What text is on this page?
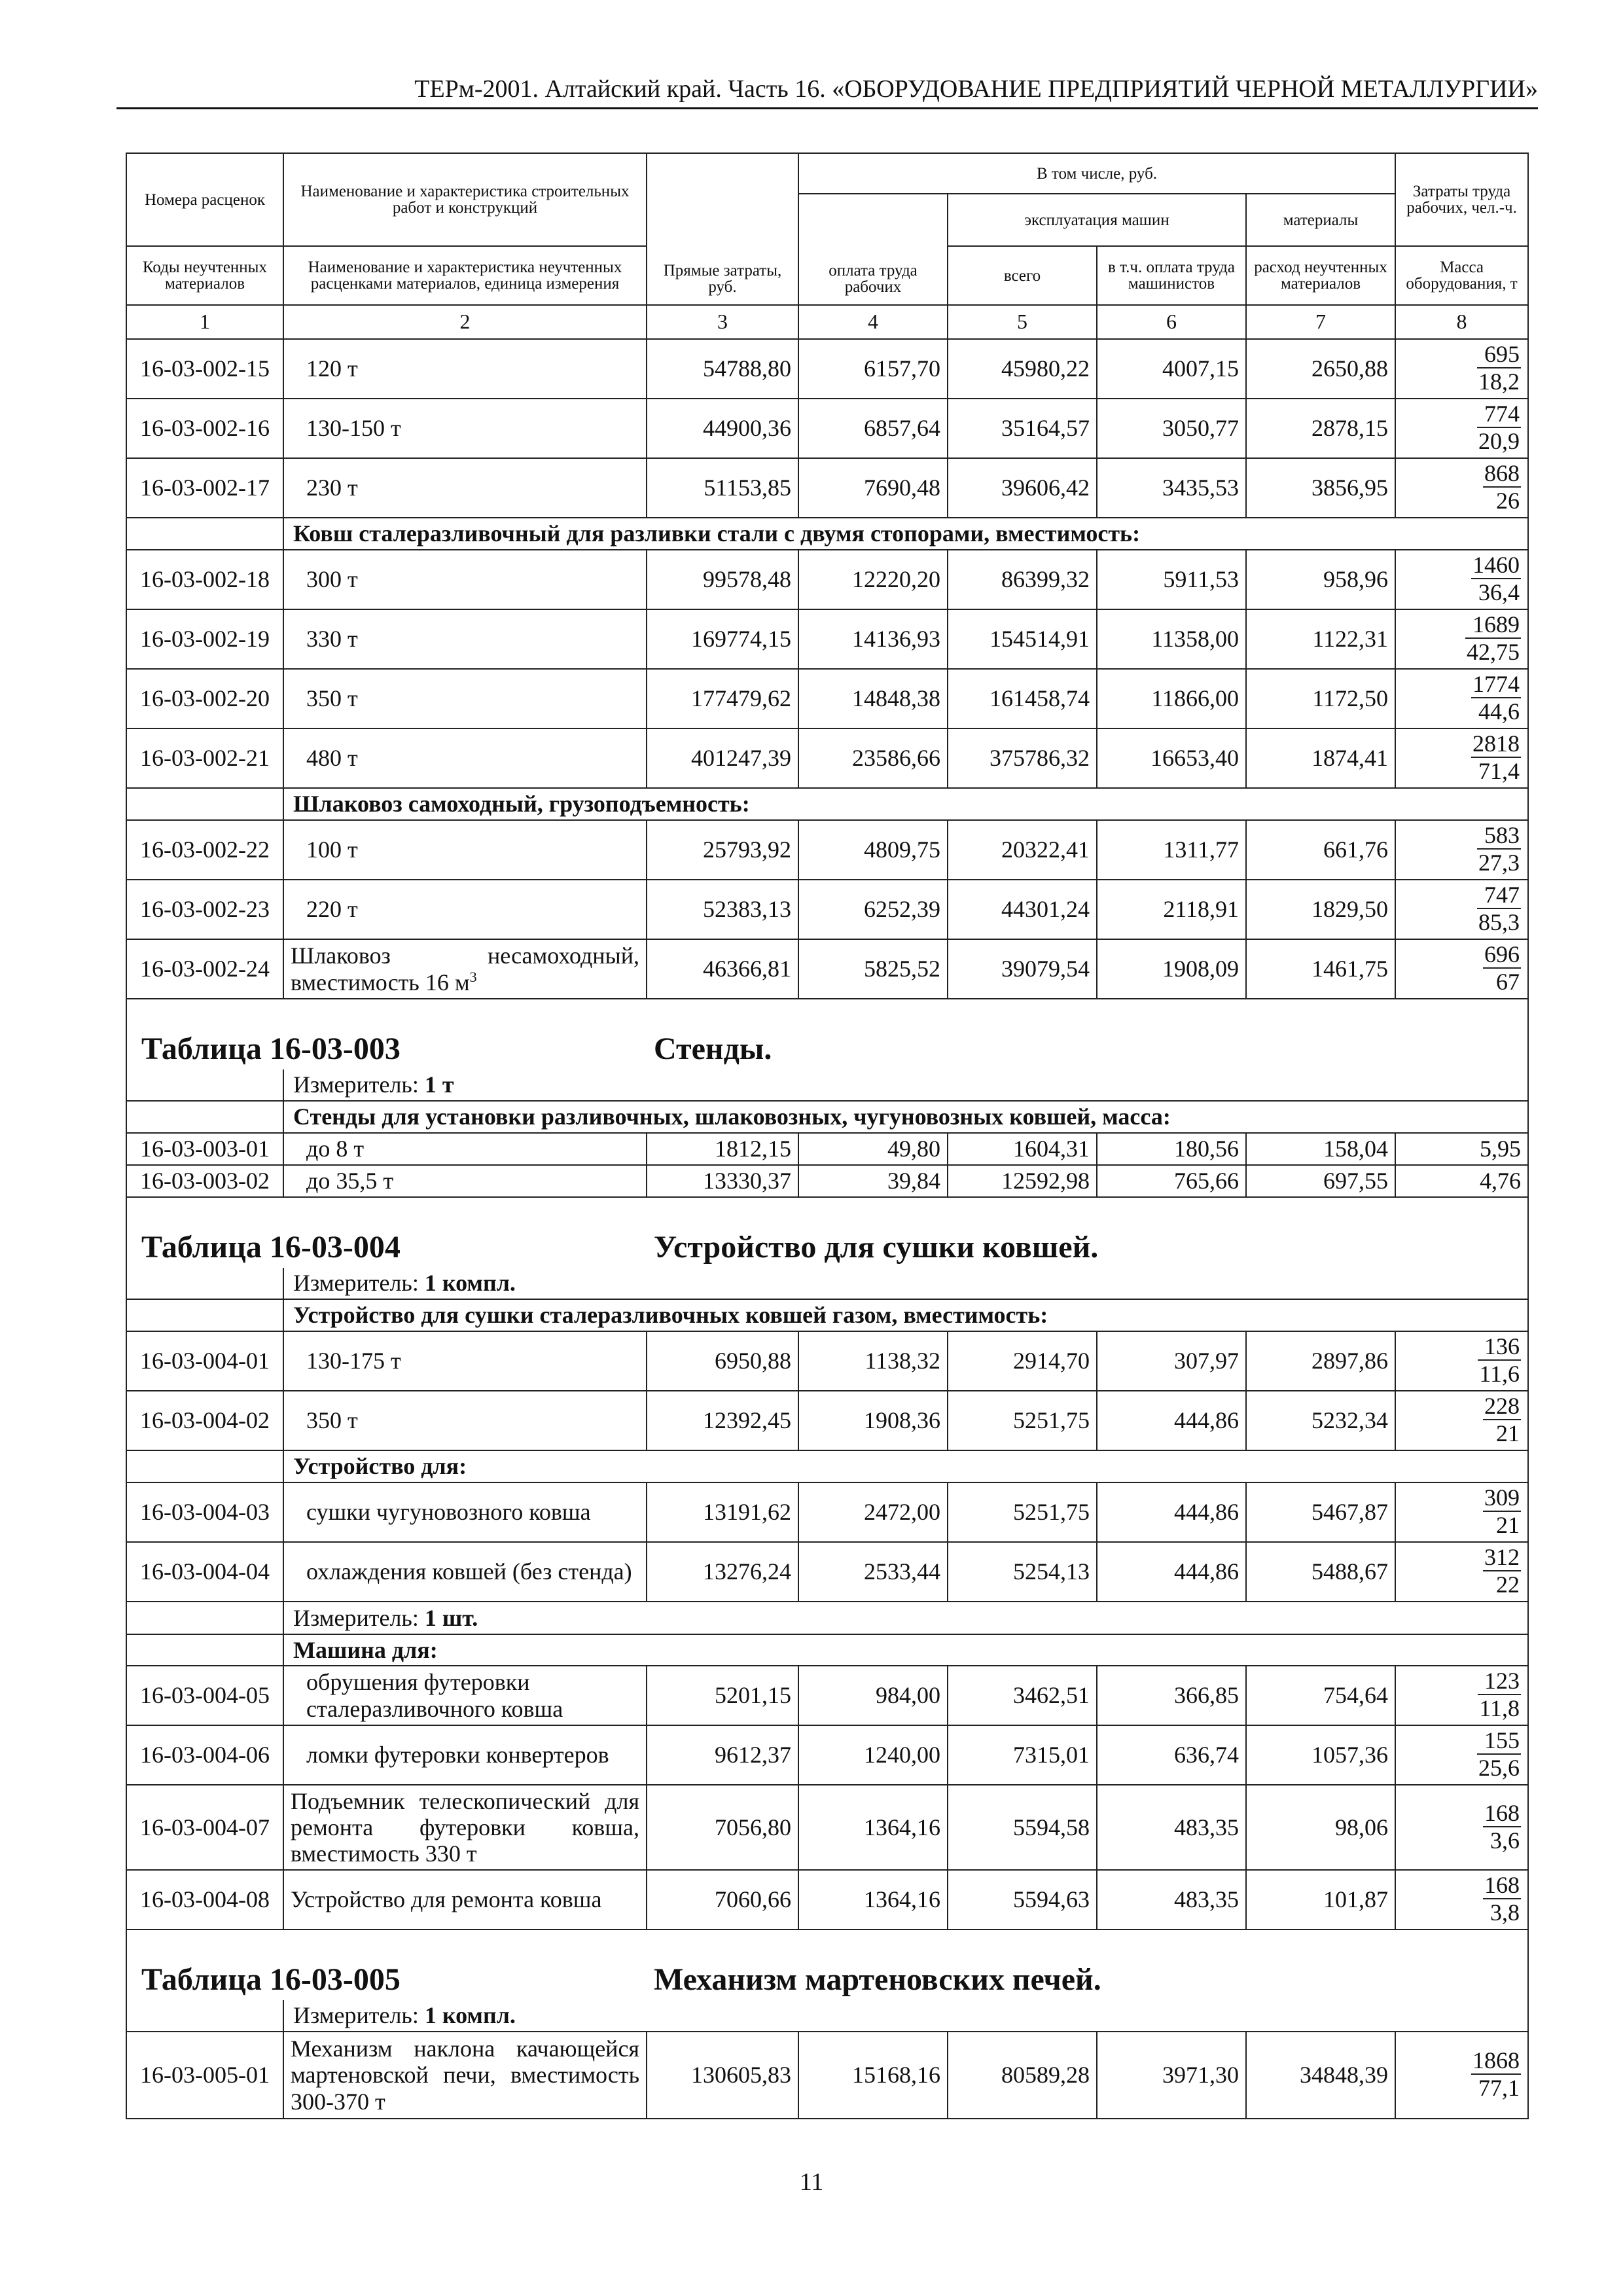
ТЕРм-2001. Алтайский край. Часть 16. «ОБОРУДОВАНИЕ ПРЕДПРИЯТИЙ ЧЕРНОЙ МЕТАЛЛУРГИИ»
Номера расценок	Наименование и характеристика строительных работ и конструкций	Прямые затраты, руб.	В том числе, руб.				Затраты труда рабочих, чел.-ч.
			оплата труда рабочих	эксплуатация машин		материалы	
Коды неучтенных материалов	Наименование и характеристика неучтенных расценками материалов, единица измерения			всего	в т.ч. оплата труда машинистов	расход неучтенных материалов	Масса оборудования, т
1	2	3	4	5	6	7	8
16-03-002-15	120 т	54788,80	6157,70	45980,22	4007,15	2650,88	$\frac{695}{18,2}$

16-03-002-16	130-150 т	44900,36	6857,64	35164,57	3050,77	2878,15	$\frac{774}{20,9}$

16-03-002-17	230 т	51153,85	7690,48	39606,42	3435,53	3856,95	$\frac{868}{26}$

	Ковш сталеразливочный для разливки стали с двумя стопорами, вместимость:						
16-03-002-18	300 т	99578,48	12220,20	86399,32	5911,53	958,96	$\frac{1460}{36,4}$

16-03-002-19	330 т	169774,15	14136,93	154514,91	11358,00	1122,31	$\frac{1689}{42,75}$

16-03-002-20	350 т	177479,62	14848,38	161458,74	11866,00	1172,50	$\frac{1774}{44,6}$

16-03-002-21	480 т	401247,39	23586,66	375786,32	16653,40	1874,41	$\frac{2818}{71,4}$

	Шлаковоз самоходный, грузоподъемность:						
16-03-002-22	100 т	25793,92	4809,75	20322,41	1311,77	661,76	$\frac{583}{27,3}$

16-03-002-23	220 т	52383,13	6252,39	44301,24	2118,91	1829,50	$\frac{747}{85,3}$

16-03-002-24	Шлаковоз несамоходный, вместимость 16 $м^3$	46366,81	5825,52	39079,54	1908,09	1461,75	$\frac{696}{67}$

Таблица 16-03-003 Стенды.							

	Измеритель: 1 т						
	Стенды для установки разливочных, шлаковозных, чугуновозных ковшей, масса:						
16-03-003-01	до 8 т	1812,15	49,80	1604,31	180,56	158,04	5,95
16-03-003-02	до 35,5 т	13330,37	39,84	12592,98	765,66	697,55	4,76

Таблица 16-03-004 Устройство для сушки ковшей.							

	Измеритель: 1 компл.						
	Устройство для сушки сталеразливочных ковшей газом, вместимость:						
16-03-004-01	130-175 т	6950,88	1138,32	2914,70	307,97	2897,86	$\frac{136}{11,6}$

16-03-004-02	350 т	12392,45	1908,36	5251,75	444,86	5232,34	$\frac{228}{21}$

	Устройство для:						
16-03-004-03	сушки чугуновозного ковша	13191,62	2472,00	5251,75	444,86	5467,87	$\frac{309}{21}$

16-03-004-04	охлаждения ковшей (без стенда)	13276,24	2533,44	5254,13	444,86	5488,67	$\frac{312}{22}$

	Измеритель: 1 шт.						
	Машина для:						
16-03-004-05	обрушения футеровки сталеразливочного ковша	5201,15	984,00	3462,51	366,85	754,64	$\frac{123}{11,8}$

16-03-004-06	ломки футеровки конвертеров	9612,37	1240,00	7315,01	636,74	1057,36	$\frac{155}{25,6}$

16-03-004-07	Подъемник телескопический для ремонта футеровки ковша, вместимость 330 т	7056,80	1364,16	5594,58	483,35	98,06	$\frac{168}{3,6}$

16-03-004-08	Устройство для ремонта ковша	7060,66	1364,16	5594,63	483,35	101,87	$\frac{168}{3,8}$

Таблица 16-03-005 Механизм мартеновских печей.							

	Измеритель: 1 компл.						
16-03-005-01	Механизм наклона качающейся мартеновской печи, вместимость 300-370 т	130605,83	15168,16	80589,28	3971,30	34848,39	$\frac{1868}{77,1}$
11
